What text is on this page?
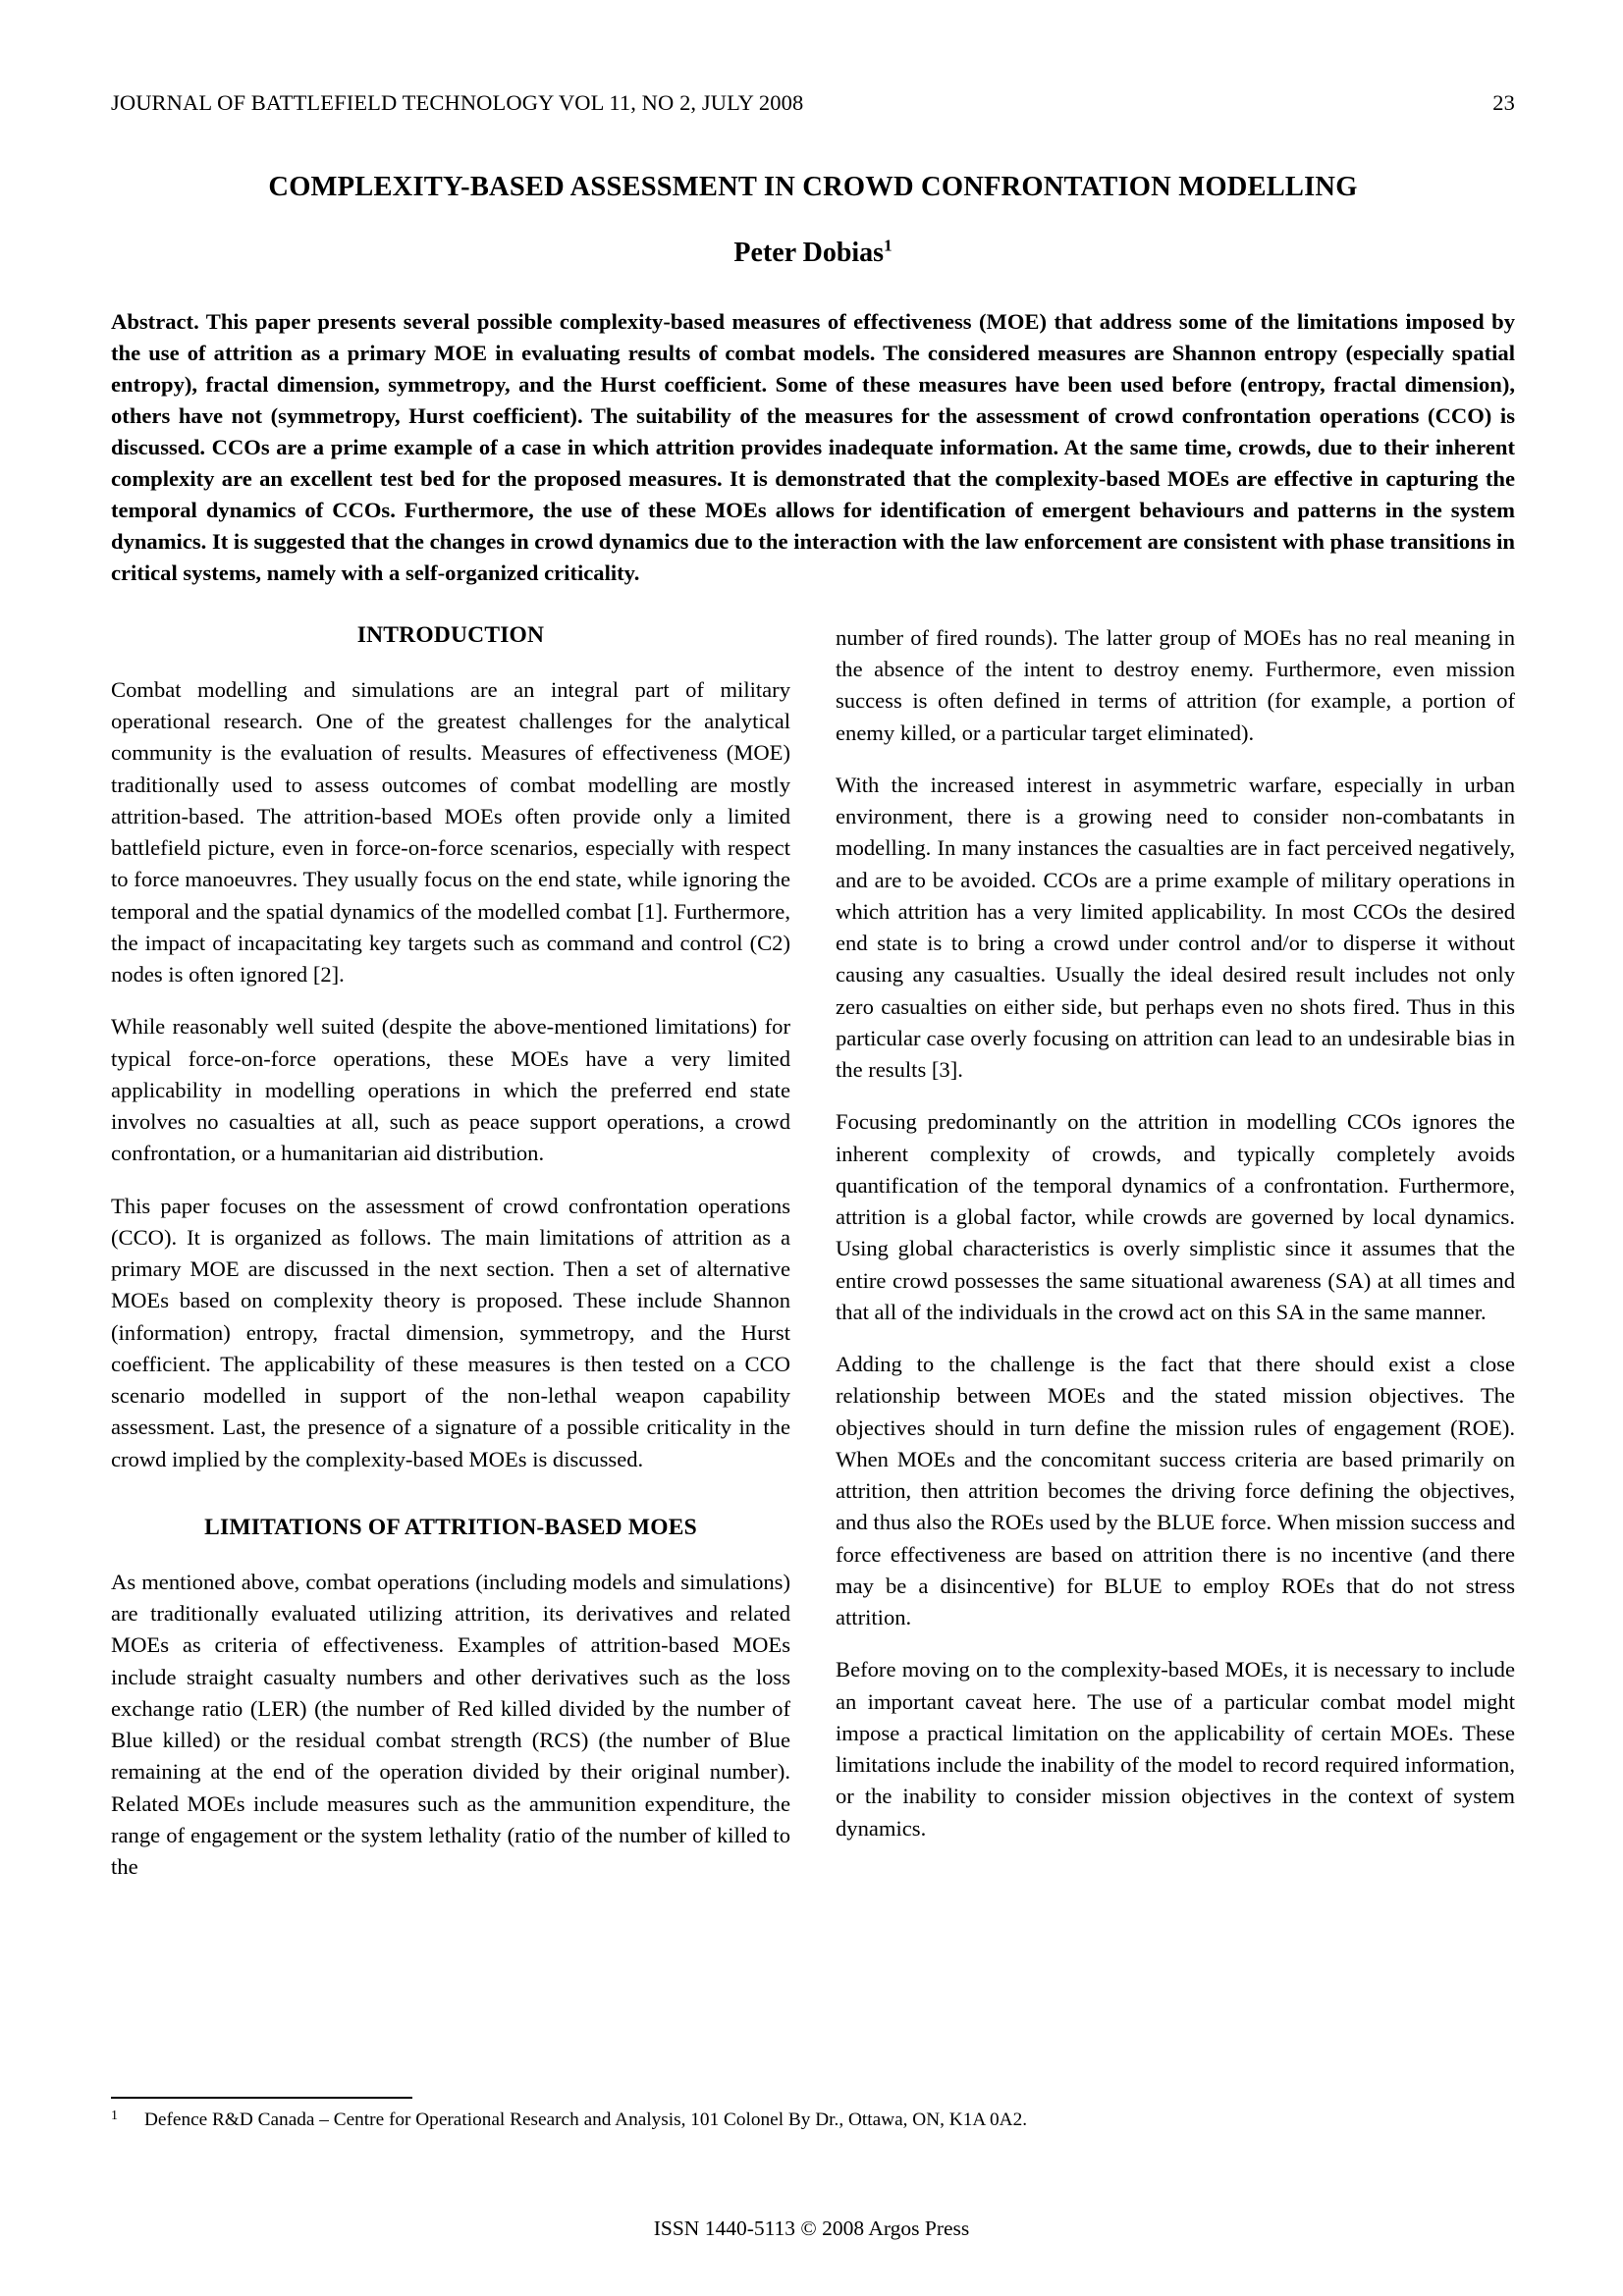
JOURNAL OF BATTLEFIELD TECHNOLOGY VOL 11, NO 2, JULY 2008	23
COMPLEXITY-BASED ASSESSMENT IN CROWD CONFRONTATION MODELLING
Peter Dobias$^1$
Abstract. This paper presents several possible complexity-based measures of effectiveness (MOE) that address some of the limitations imposed by the use of attrition as a primary MOE in evaluating results of combat models. The considered measures are Shannon entropy (especially spatial entropy), fractal dimension, symmetropy, and the Hurst coefficient. Some of these measures have been used before (entropy, fractal dimension), others have not (symmetropy, Hurst coefficient). The suitability of the measures for the assessment of crowd confrontation operations (CCO) is discussed. CCOs are a prime example of a case in which attrition provides inadequate information. At the same time, crowds, due to their inherent complexity are an excellent test bed for the proposed measures. It is demonstrated that the complexity-based MOEs are effective in capturing the temporal dynamics of CCOs. Furthermore, the use of these MOEs allows for identification of emergent behaviours and patterns in the system dynamics. It is suggested that the changes in crowd dynamics due to the interaction with the law enforcement are consistent with phase transitions in critical systems, namely with a self-organized criticality.
INTRODUCTION

Combat modelling and simulations are an integral part of military operational research. One of the greatest challenges for the analytical community is the evaluation of results. Measures of effectiveness (MOE) traditionally used to assess outcomes of combat modelling are mostly attrition-based. The attrition-based MOEs often provide only a limited battlefield picture, even in force-on-force scenarios, especially with respect to force manoeuvres. They usually focus on the end state, while ignoring the temporal and the spatial dynamics of the modelled combat [1]. Furthermore, the impact of incapacitating key targets such as command and control (C2) nodes is often ignored [2].

While reasonably well suited (despite the above-mentioned limitations) for typical force-on-force operations, these MOEs have a very limited applicability in modelling operations in which the preferred end state involves no casualties at all, such as peace support operations, a crowd confrontation, or a humanitarian aid distribution.

This paper focuses on the assessment of crowd confrontation operations (CCO). It is organized as follows. The main limitations of attrition as a primary MOE are discussed in the next section. Then a set of alternative MOEs based on complexity theory is proposed. These include Shannon (information) entropy, fractal dimension, symmetropy, and the Hurst coefficient. The applicability of these measures is then tested on a CCO scenario modelled in support of the non-lethal weapon capability assessment. Last, the presence of a signature of a possible criticality in the crowd implied by the complexity-based MOEs is discussed.

LIMITATIONS OF ATTRITION-BASED MOES

As mentioned above, combat operations (including models and simulations) are traditionally evaluated utilizing attrition, its derivatives and related MOEs as criteria of effectiveness. Examples of attrition-based MOEs include straight casualty numbers and other derivatives such as the loss exchange ratio (LER) (the number of Red killed divided by the number of Blue killed) or the residual combat strength (RCS) (the number of Blue remaining at the end of the operation divided by their original number). Related MOEs include measures such as the ammunition expenditure, the range of engagement or the system lethality (ratio of the number of killed to the

number of fired rounds). The latter group of MOEs has no real meaning in the absence of the intent to destroy enemy. Furthermore, even mission success is often defined in terms of attrition (for example, a portion of enemy killed, or a particular target eliminated).

With the increased interest in asymmetric warfare, especially in urban environment, there is a growing need to consider non-combatants in modelling. In many instances the casualties are in fact perceived negatively, and are to be avoided. CCOs are a prime example of military operations in which attrition has a very limited applicability. In most CCOs the desired end state is to bring a crowd under control and/or to disperse it without causing any casualties. Usually the ideal desired result includes not only zero casualties on either side, but perhaps even no shots fired. Thus in this particular case overly focusing on attrition can lead to an undesirable bias in the results [3].

Focusing predominantly on the attrition in modelling CCOs ignores the inherent complexity of crowds, and typically completely avoids quantification of the temporal dynamics of a confrontation. Furthermore, attrition is a global factor, while crowds are governed by local dynamics. Using global characteristics is overly simplistic since it assumes that the entire crowd possesses the same situational awareness (SA) at all times and that all of the individuals in the crowd act on this SA in the same manner.

Adding to the challenge is the fact that there should exist a close relationship between MOEs and the stated mission objectives. The objectives should in turn define the mission rules of engagement (ROE). When MOEs and the concomitant success criteria are based primarily on attrition, then attrition becomes the driving force defining the objectives, and thus also the ROEs used by the BLUE force. When mission success and force effectiveness are based on attrition there is no incentive (and there may be a disincentive) for BLUE to employ ROEs that do not stress attrition.

Before moving on to the complexity-based MOEs, it is necessary to include an important caveat here. The use of a particular combat model might impose a practical limitation on the applicability of certain MOEs. These limitations include the inability of the model to record required information, or the inability to consider mission objectives in the context of system dynamics.

1	Defence R&D Canada – Centre for Operational Research and Analysis, 101 Colonel By Dr., Ottawa, ON, K1A 0A2.
ISSN 1440-5113 © 2008 Argos Press
